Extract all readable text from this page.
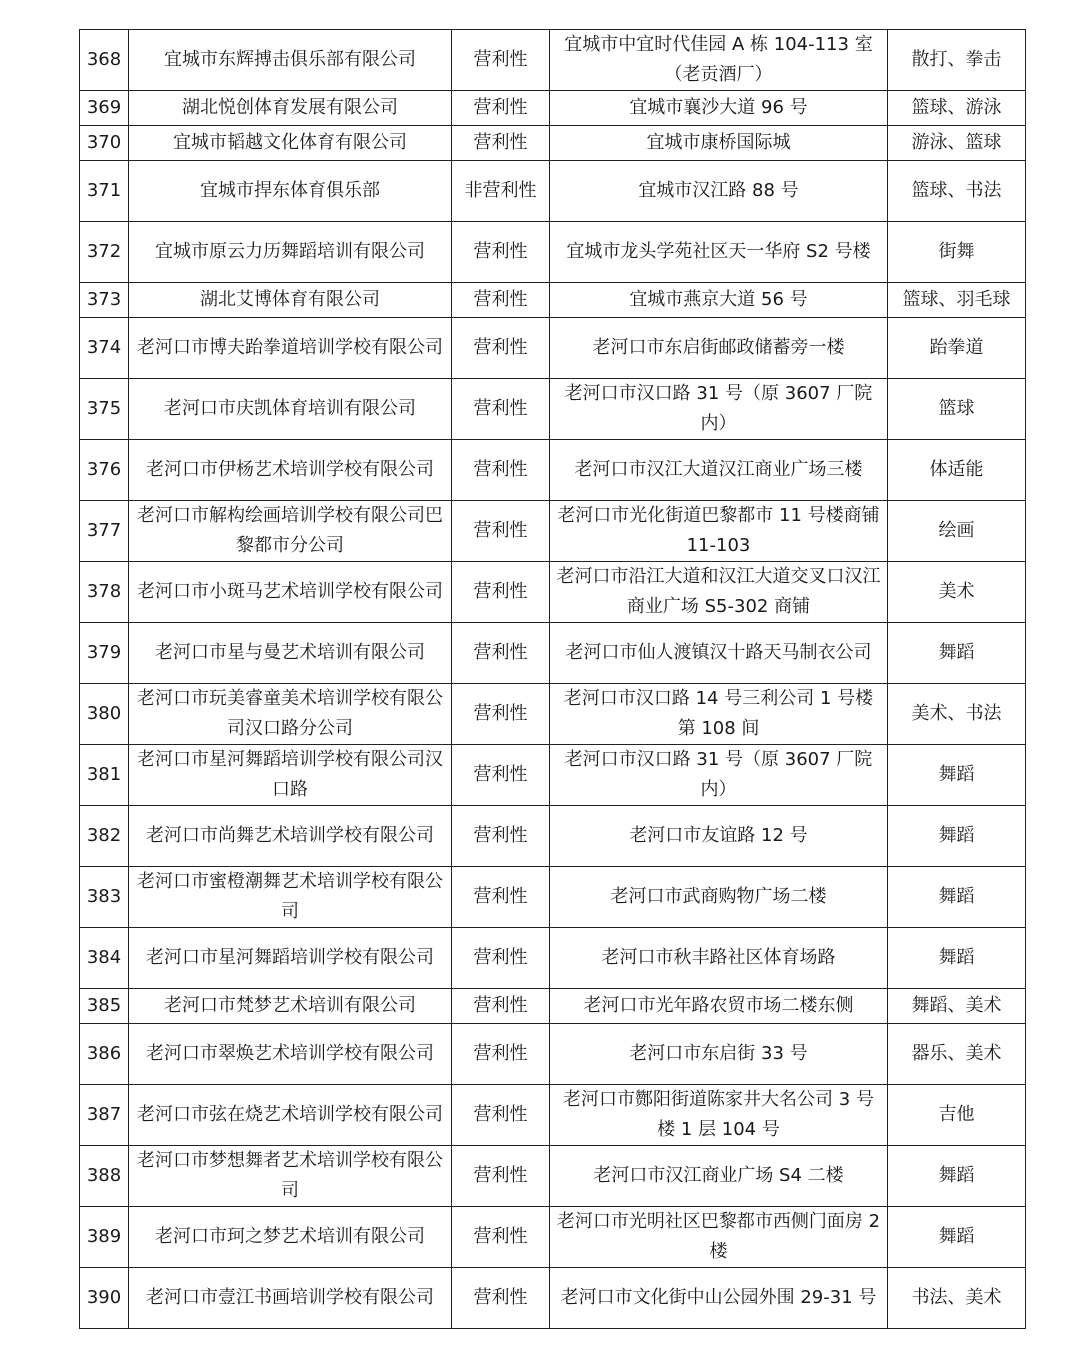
368	宜城市东辉搏击俱乐部有限公司	营利性	宜城市中宜时代佳园 A 栋 104-113 室（老贡酒厂）	散打、拳击
369	湖北悦创体育发展有限公司	营利性	宜城市襄沙大道 96 号	篮球、游泳
370	宜城市韬越文化体育有限公司	营利性	宜城市康桥国际城	游泳、篮球
371	宜城市捍东体育俱乐部	非营利性	宜城市汉江路 88 号	篮球、书法
372	宜城市原云力历舞蹈培训有限公司	营利性	宜城市龙头学苑社区天一华府 S2 号楼	街舞
373	湖北艾博体育有限公司	营利性	宜城市燕京大道 56 号	篮球、羽毛球
374	老河口市博夫跆拳道培训学校有限公司	营利性	老河口市东启街邮政储蓄旁一楼	跆拳道
375	老河口市庆凯体育培训有限公司	营利性	老河口市汉口路 31 号（原 3607 厂院内）	篮球
376	老河口市伊杨艺术培训学校有限公司	营利性	老河口市汉江大道汉江商业广场三楼	体适能
377	老河口市解构绘画培训学校有限公司巴黎都市分公司	营利性	老河口市光化街道巴黎都市 11 号楼商铺 11-103	绘画
378	老河口市小斑马艺术培训学校有限公司	营利性	老河口市沿江大道和汉江大道交叉口汉江商业广场 S5-302 商铺	美术
379	老河口市星与曼艺术培训有限公司	营利性	老河口市仙人渡镇汉十路天马制衣公司	舞蹈
380	老河口市玩美睿童美术培训学校有限公司汉口路分公司	营利性	老河口市汉口路 14 号三利公司 1 号楼第 108 间	美术、书法
381	老河口市星河舞蹈培训学校有限公司汉口路	营利性	老河口市汉口路 31 号（原 3607 厂院内）	舞蹈
382	老河口市尚舞艺术培训学校有限公司	营利性	老河口市友谊路 12 号	舞蹈
383	老河口市蜜橙潮舞艺术培训学校有限公司	营利性	老河口市武商购物广场二楼	舞蹈
384	老河口市星河舞蹈培训学校有限公司	营利性	老河口市秋丰路社区体育场路	舞蹈
385	老河口市梵梦艺术培训有限公司	营利性	老河口市光年路农贸市场二楼东侧	舞蹈、美术
386	老河口市翠焕艺术培训学校有限公司	营利性	老河口市东启街 33 号	器乐、美术
387	老河口市弦在烧艺术培训学校有限公司	营利性	老河口市酂阳街道陈家井大名公司 3 号楼 1 层 104 号	吉他
388	老河口市梦想舞者艺术培训学校有限公司	营利性	老河口市汉江商业广场 S4 二楼	舞蹈
389	老河口市珂之梦艺术培训有限公司	营利性	老河口市光明社区巴黎都市西侧门面房 2 楼	舞蹈
390	老河口市壹江书画培训学校有限公司	营利性	老河口市文化街中山公园外围 29-31 号	书法、美术
